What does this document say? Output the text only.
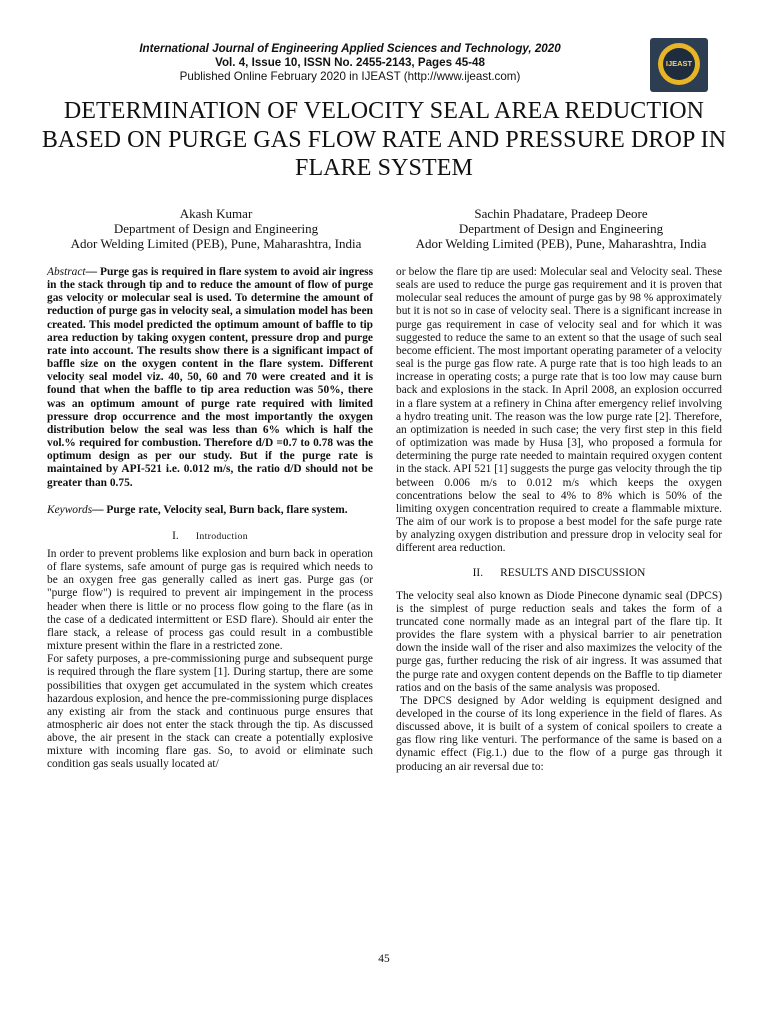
International Journal of Engineering Applied Sciences and Technology, 2020
Vol. 4, Issue 10, ISSN No. 2455-2143, Pages 45-48
Published Online February 2020 in IJEAST (http://www.ijeast.com)
IJEAST
DETERMINATION OF VELOCITY SEAL AREA REDUCTION BASED ON PURGE GAS FLOW RATE AND PRESSURE DROP IN FLARE SYSTEM
Akash Kumar
Department of Design and Engineering
Ador Welding Limited (PEB), Pune, Maharashtra, India
Sachin Phadatare, Pradeep Deore
Department of Design and Engineering
Ador Welding Limited (PEB), Pune, Maharashtra, India

Abstract— Purge gas is required in flare system to avoid air ingress in the stack through tip and to reduce the amount of flow of purge gas velocity or molecular seal is used. To determine the amount of reduction of purge gas in velocity seal, a simulation model has been created. This model predicted the optimum amount of baffle to tip area reduction by taking oxygen content, pressure drop and purge rate into account. The results show there is a significant impact of baffle size on the oxygen content in the flare system. Different velocity seal model viz. 40, 50, 60 and 70 were created and it is found that when the baffle to tip area reduction was 50%, there was an optimum amount of purge rate required with limited pressure drop occurrence and the most importantly the oxygen distribution below the seal was less than 6% which is half the vol.% required for combustion. Therefore d/D =0.7 to 0.78 was the optimum design as per our study. But if the purge rate is maintained by API-521 i.e. 0.012 m/s, the ratio d/D should not be greater than 0.75.

Keywords— Purge rate, Velocity seal, Burn back, flare system.

I. Introduction

In order to prevent problems like explosion and burn back in operation of flare systems, safe amount of purge gas is required which needs to be an oxygen free gas generally called as inert gas. Purge gas (or "purge flow") is required to prevent air impingement in the process header when there is little or no process flow going to the flare (as in the case of a dedicated intermittent or ESD flare). Should air enter the flare stack, a release of process gas could result in a combustible mixture present within the flare in a restricted zone.

For safety purposes, a pre-commissioning purge and subsequent purge is required through the flare system [1]. During startup, there are some possibilities that oxygen get accumulated in the system which creates hazardous explosion, and hence the pre-commissioning purge displaces any existing air from the stack and continuous purge ensures that atmospheric air does not enter the stack through the tip. As discussed above, the air present in the stack can create a potentially explosive mixture with incoming flare gas. So, to avoid or eliminate such condition gas seals usually located at/

or below the flare tip are used: Molecular seal and Velocity seal. These seals are used to reduce the purge gas requirement and it is proven that molecular seal reduces the amount of purge gas by 98 % approximately but it is not so in case of velocity seal. There is a significant increase in purge gas requirement in case of velocity seal and for which it was suggested to reduce the same to an extent so that the usage of such seal become efficient. The most important operating parameter of a velocity seal is the purge gas flow rate. A purge rate that is too high leads to an increase in operating costs; a purge rate that is too low may cause burn back and explosions in the stack. In April 2008, an explosion occurred in a flare system at a refinery in China after emergency relief involving a hydro treating unit. The reason was the low purge rate [2]. Therefore, an optimization is needed in such case; the very first step in this field of optimization was made by Husa [3], who proposed a formula for determining the purge rate needed to maintain required oxygen content in the stack. API 521 [1] suggests the purge gas velocity through the tip between 0.006 m/s to 0.012 m/s which keeps the oxygen concentrations below the seal to 4% to 8% which is 50% of the limiting oxygen concentration required to create a flammable mixture. The aim of our work is to propose a best model for the safe purge rate by analyzing oxygen distribution and pressure drop in velocity seal for different area reduction.

II. RESULTS AND DISCUSSION

The velocity seal also known as Diode Pinecone dynamic seal (DPCS) is the simplest of purge reduction seals and takes the form of a truncated cone normally made as an integral part of the flare tip. It provides the flare system with a physical barrier to air penetration down the inside wall of the riser and also maximizes the velocity of the purge gas, further reducing the risk of air ingress. It was assumed that the purge rate and oxygen content depends on the Baffle to tip diameter ratios and on the basis of the same analysis was proposed.

The DPCS designed by Ador welding is equipment designed and developed in the course of its long experience in the field of flares. As discussed above, it is built of a system of conical spoilers to create a gas flow ring like venturi. The performance of the same is based on a dynamic effect (Fig.1.) due to the flow of a purge gas through it producing an air reversal due to:

45
